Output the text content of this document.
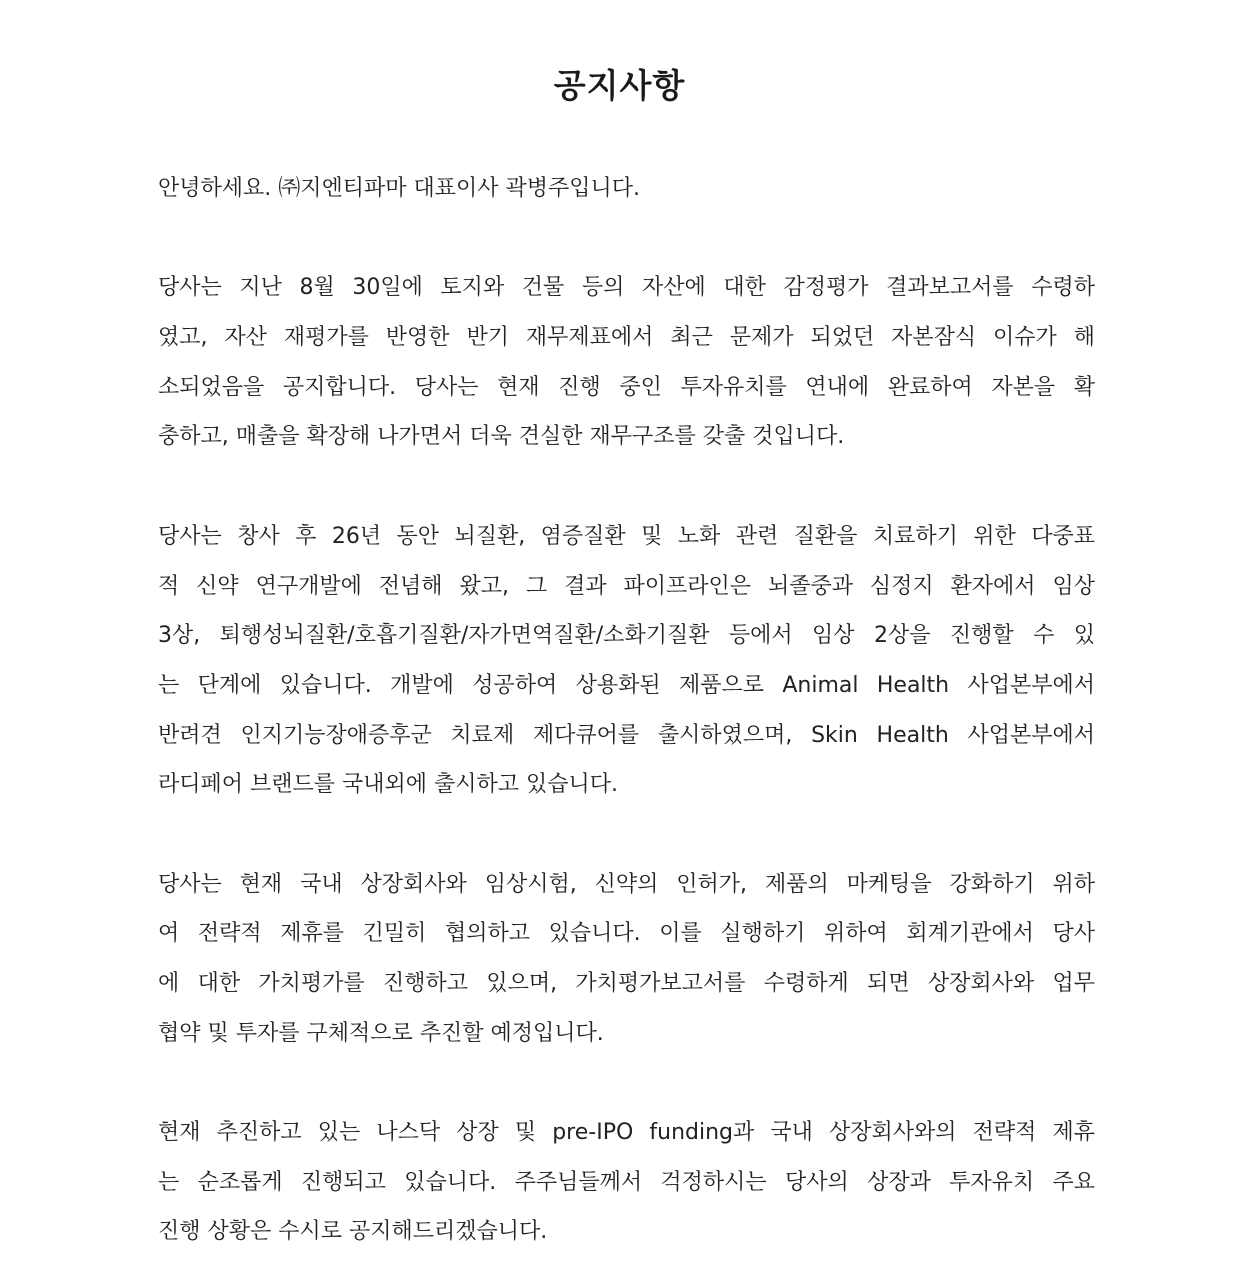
공지사항
안녕하세요. ㈜지엔티파마 대표이사 곽병주입니다.
당사는 지난 8월 30일에 토지와 건물 등의 자산에 대한 감정평가 결과보고서를 수령하
였고, 자산 재평가를 반영한 반기 재무제표에서 최근 문제가 되었던 자본잠식 이슈가 해
소되었음을 공지합니다. 당사는 현재 진행 중인 투자유치를 연내에 완료하여 자본을 확
충하고, 매출을 확장해 나가면서 더욱 견실한 재무구조를 갖출 것입니다.
당사는 창사 후 26년 동안 뇌질환, 염증질환 및 노화 관련 질환을 치료하기 위한 다중표
적 신약 연구개발에 전념해 왔고, 그 결과 파이프라인은 뇌졸중과 심정지 환자에서 임상
3상, 퇴행성뇌질환/호흡기질환/자가면역질환/소화기질환 등에서 임상 2상을 진행할 수 있
는 단계에 있습니다. 개발에 성공하여 상용화된 제품으로 Animal Health 사업본부에서
반려견 인지기능장애증후군 치료제 제다큐어를 출시하였으며, Skin Health 사업본부에서
라디페어 브랜드를 국내외에 출시하고 있습니다.
당사는 현재 국내 상장회사와 임상시험, 신약의 인허가, 제품의 마케팅을 강화하기 위하
여 전략적 제휴를 긴밀히 협의하고 있습니다. 이를 실행하기 위하여 회계기관에서 당사
에 대한 가치평가를 진행하고 있으며, 가치평가보고서를 수령하게 되면 상장회사와 업무
협약 및 투자를 구체적으로 추진할 예정입니다.
현재 추진하고 있는 나스닥 상장 및 pre-IPO funding과 국내 상장회사와의 전략적 제휴
는 순조롭게 진행되고 있습니다. 주주님들께서 걱정하시는 당사의 상장과 투자유치 주요
진행 상황은 수시로 공지해드리겠습니다.
